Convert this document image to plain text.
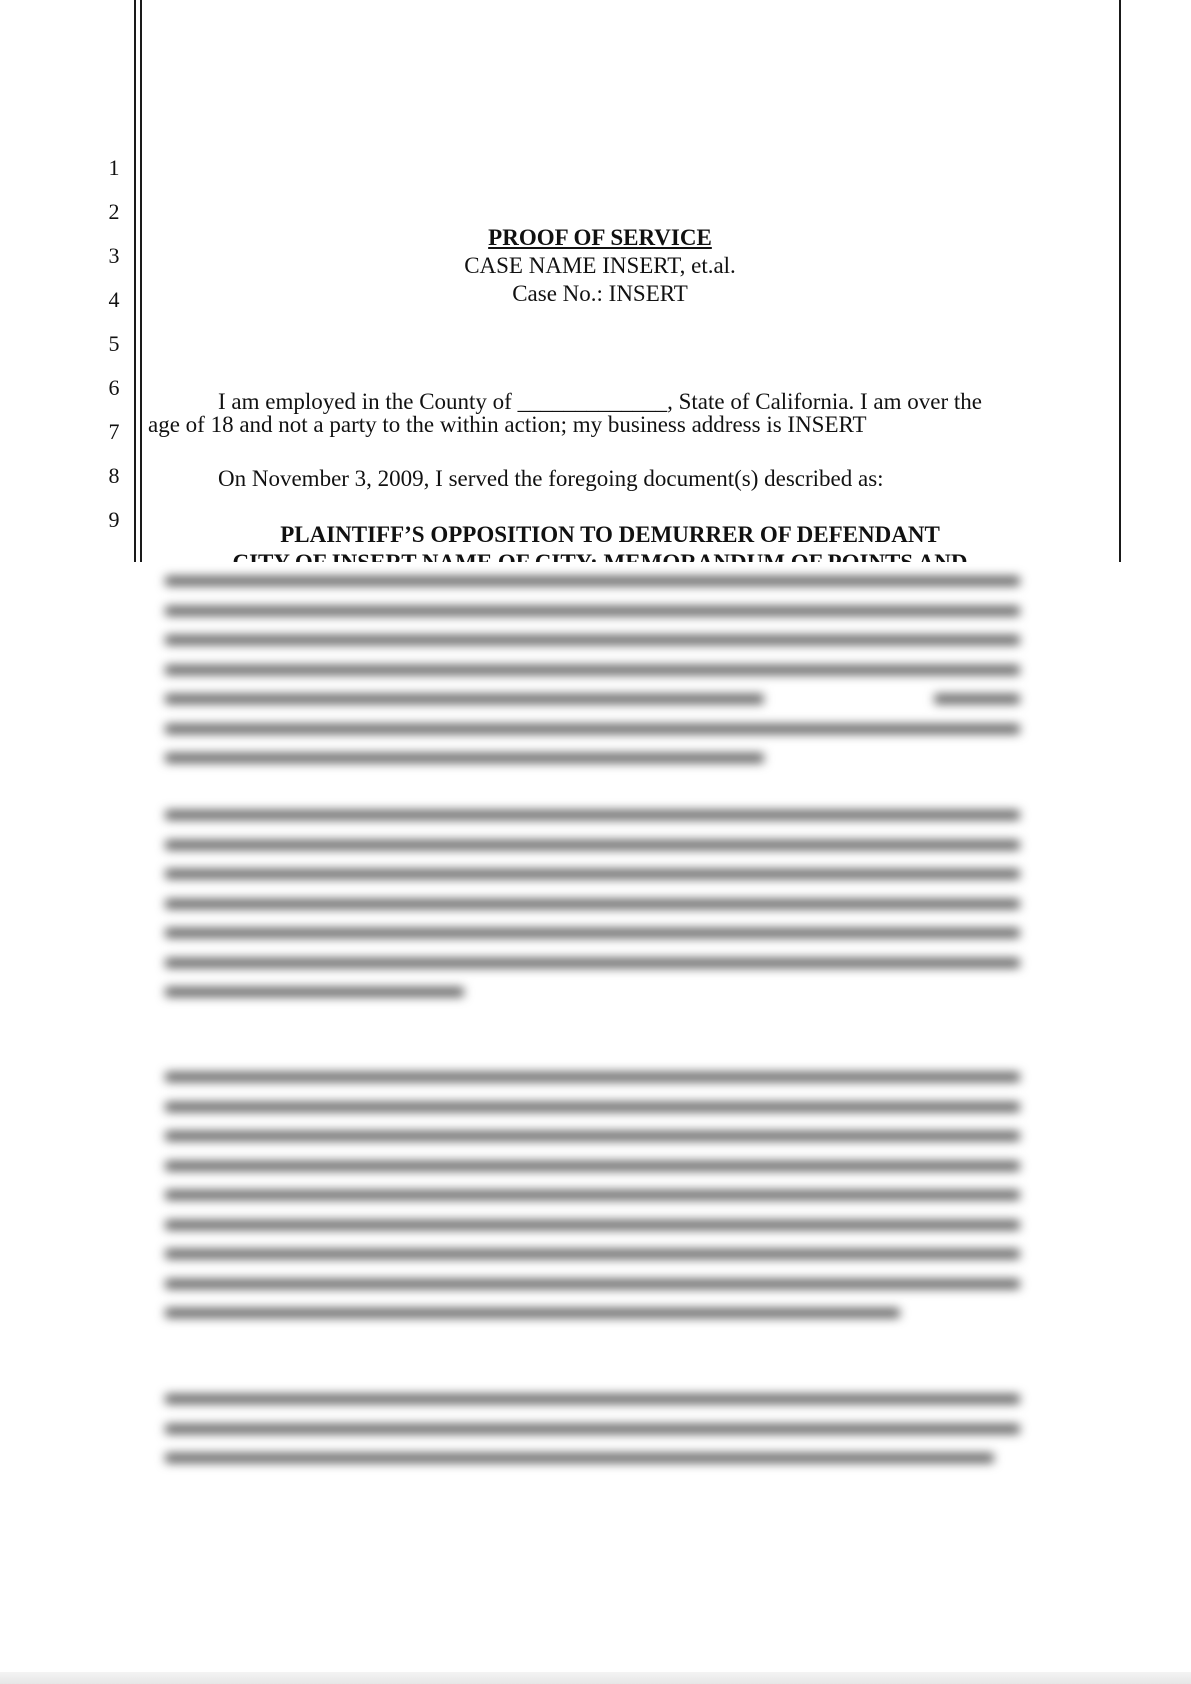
1
2
3
4
5
6
7
8
9
PROOF OF SERVICE
CASE NAME INSERT, et.al.
Case No.: INSERT
I am employed in the County of _____________, State of California. I am over the
age of 18 and not a party to the within action; my business address is INSERT
On November 3, 2009, I served the foregoing document(s) described as:
PLAINTIFF’S OPPOSITION TO DEMURRER OF DEFENDANT
